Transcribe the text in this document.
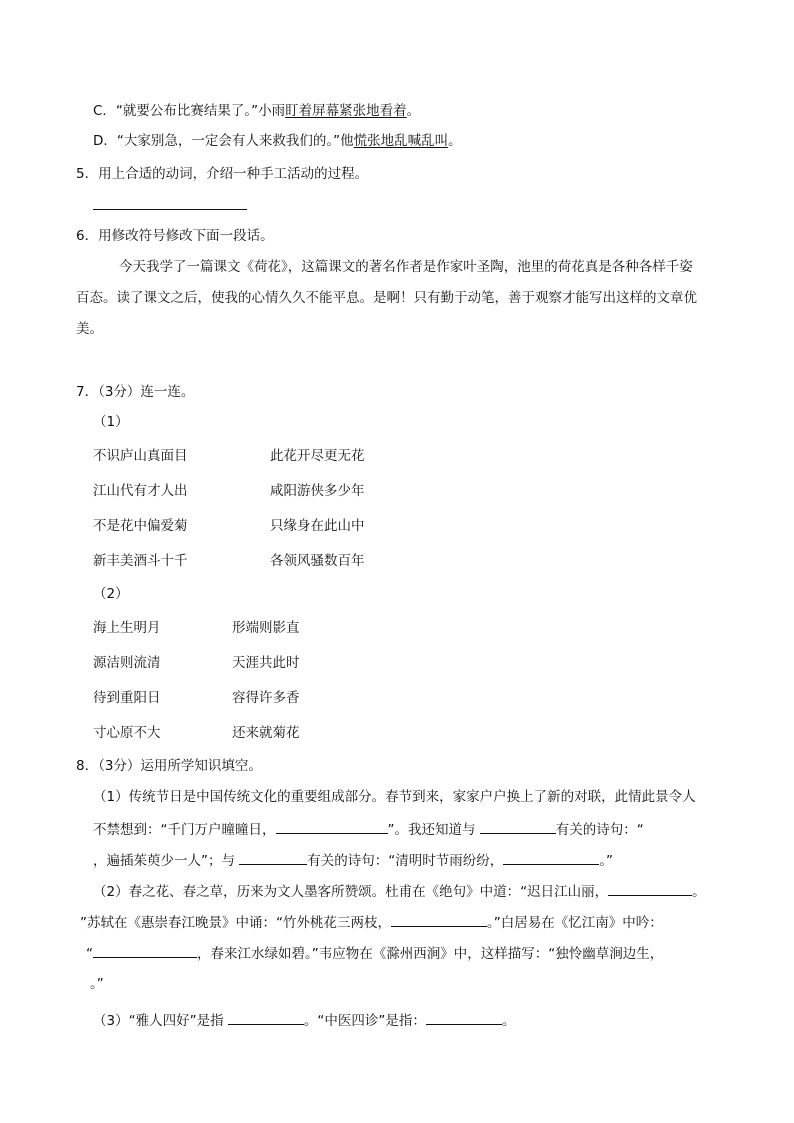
C．“就要公布比赛结果了。”小雨盯着屏幕紧张地看着。
D．“大家别急，一定会有人来救我们的。”他慌张地乱喊乱叫。
5．用上合适的动词，介绍一种手工活动的过程。
6．用修改符号修改下面一段话。
今天我学了一篇课文《荷花》，这篇课文的著名作者是作家叶圣陶，池里的荷花真是各种各样千姿
百态。读了课文之后，使我的心情久久不能平息。是啊！只有勤于动笔，善于观察才能写出这样的文章优
美。
7．（3分）连一连。
（1）
不识庐山真面目	此花开尽更无花
江山代有才人出	咸阳游侠多少年
不是花中偏爱菊	只缘身在此山中
新丰美酒斗十千	各领风骚数百年
（2）
海上生明月	形端则影直
源洁则流清	天涯共此时
待到重阳日	容得许多香
寸心原不大	还来就菊花
8．（3分）运用所学知识填空。
（1）传统节日是中国传统文化的重要组成部分。春节到来，家家户户换上了新的对联，此情此景令人
不禁想到：“千门万户曈曈日，	”。我还知道与	有关的诗句：“
，遍插茱萸少一人”；与	有关的诗句：“清明时节雨纷纷，	。”
（2）春之花、春之草，历来为文人墨客所赞颂。杜甫在《绝句》中道：“迟日江山丽，	。
”苏轼在《惠崇春江晚景》中诵：“竹外桃花三两枝，	。”白居易在《忆江南》中吟：
“	，春来江水绿如碧。”韦应物在《滁州西涧》中，这样描写：“独怜幽草涧边生，
。”
（3）“雅人四好”是指	。“中医四诊”是指：	。
